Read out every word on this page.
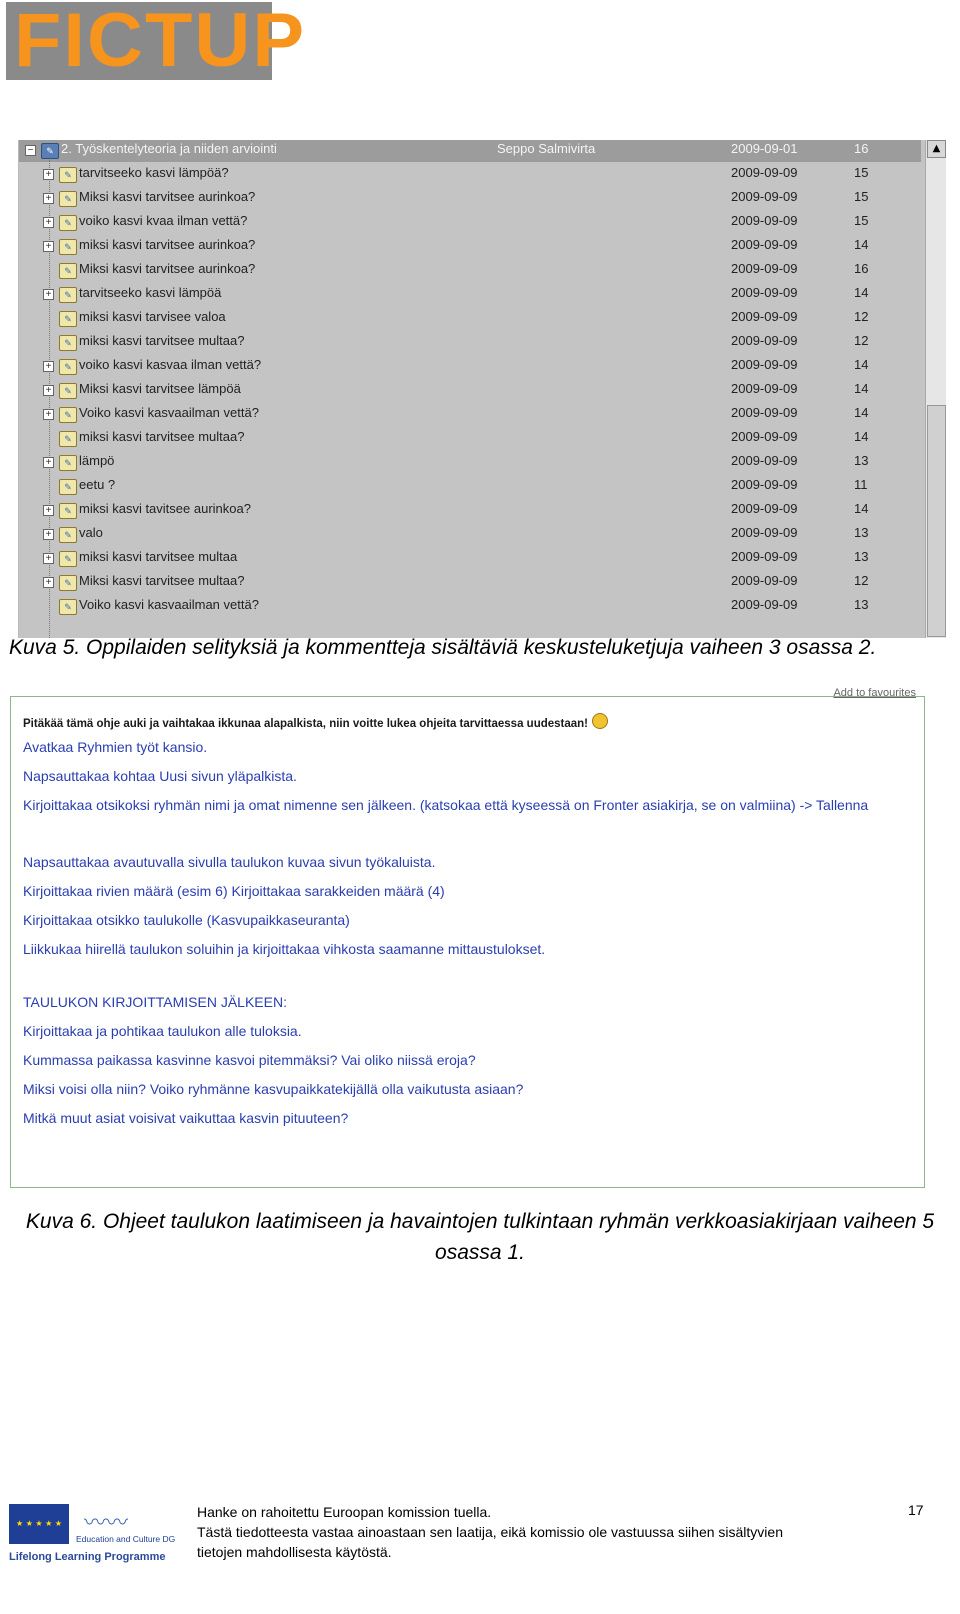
FICTUP
−	✎ 2. Työskentelyteoria ja niiden arviointi	Seppo Salmivirta	2009-09-01	16
+	✎ tarvitseeko kasvi lämpöä?	2009-09-09	15
+	✎ Miksi kasvi tarvitsee aurinkoa?	2009-09-09	15
+	✎ voiko kasvi kvaa ilman vettä?	2009-09-09	15
+	✎ miksi kasvi tarvitsee aurinkoa?	2009-09-09	14
✎ Miksi kasvi tarvitsee aurinkoa?	2009-09-09	16
+	✎ tarvitseeko kasvi lämpöä	2009-09-09	14
✎ miksi kasvi tarvisee valoa	2009-09-09	12
✎ miksi kasvi tarvitsee multaa?	2009-09-09	12
+	✎ voiko kasvi kasvaa ilman vettä?	2009-09-09	14
+	✎ Miksi kasvi tarvitsee lämpöä	2009-09-09	14
+	✎ Voiko kasvi kasvaailman vettä?	2009-09-09	14
✎ miksi kasvi tarvitsee multaa?	2009-09-09	14
+	✎ lämpö	2009-09-09	13
✎ eetu ?	2009-09-09	11
+	✎ miksi kasvi tavitsee aurinkoa?	2009-09-09	14
+	✎ valo	2009-09-09	13
+	✎ miksi kasvi tarvitsee multaa	2009-09-09	13
+	✎ Miksi kasvi tarvitsee multaa?	2009-09-09	12
✎ Voiko kasvi kasvaailman vettä?	2009-09-09	13
▲
Kuva 5. Oppilaiden selityksiä ja kommentteja sisältäviä keskusteluketjuja vaiheen 3 osassa 2.
Add to favourites
Pitäkää tämä ohje auki ja vaihtakaa ikkunaa alapalkista, niin voitte lukea ohjeita tarvittaessa uudestaan!
Avatkaa Ryhmien työt kansio.
Napsauttakaa kohtaa Uusi sivun yläpalkista.
Kirjoittakaa otsikoksi ryhmän nimi ja omat nimenne sen jälkeen. (katsokaa että kyseessä on Fronter asiakirja, se on valmiina) -> Tallenna
Napsauttakaa avautuvalla sivulla taulukon kuvaa sivun työkaluista.
Kirjoittakaa rivien määrä (esim 6) Kirjoittakaa sarakkeiden määrä (4)
Kirjoittakaa otsikko taulukolle (Kasvupaikkaseuranta)
Liikkukaa hiirellä taulukon soluihin ja kirjoittakaa vihkosta saamanne mittaustulokset.
TAULUKON KIRJOITTAMISEN JÄLKEEN:
Kirjoittakaa ja pohtikaa taulukon alle tuloksia.
Kummassa paikassa kasvinne kasvoi pitemmäksi? Vai oliko niissä eroja?
Miksi voisi olla niin? Voiko ryhmänne kasvupaikkatekijällä olla vaikutusta asiaan?
Mitkä muut asiat voisivat vaikuttaa kasvin pituuteen?
Kuva 6. Ohjeet taulukon laatimiseen ja havaintojen tulkintaan ryhmän verkkoasiakirjaan vaiheen 5 osassa 1.
★ ★ ★ ★ ★ 〰〰
Education and Culture DG
Lifelong Learning Programme
Hanke on rahoitettu Euroopan komission tuella.
Tästä tiedotteesta vastaa ainoastaan sen laatija, eikä komissio ole vastuussa siihen sisältyvien
tietojen mahdollisesta käytöstä.
17
